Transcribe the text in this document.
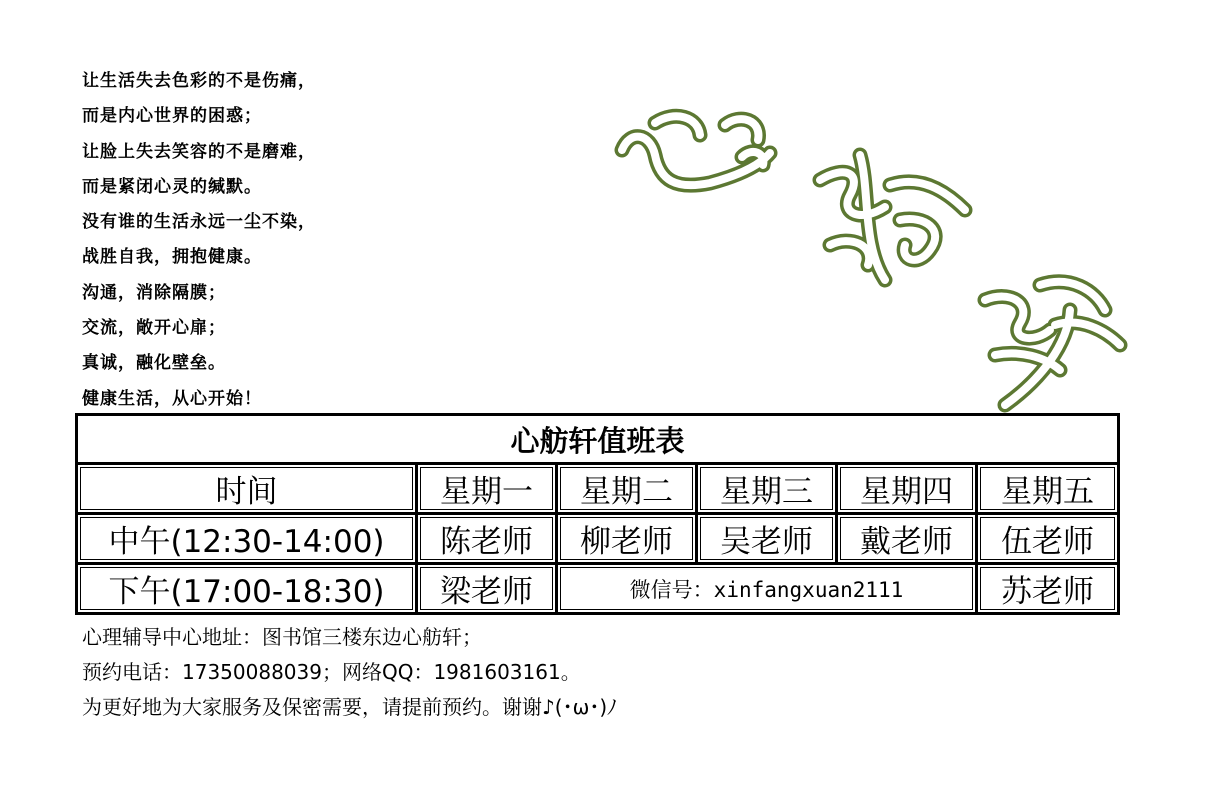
让生活失去色彩的不是伤痛，
而是内心世界的困惑；
让脸上失去笑容的不是磨难，
而是紧闭心灵的缄默。
没有谁的生活永远一尘不染，
战胜自我，拥抱健康。
沟通，消除隔膜；
交流，敞开心扉；
真诚，融化壁垒。
健康生活，从心开始！
心舫轩值班表					
时间	星期一	星期二	星期三	星期四	星期五
中午(12:30-14:00)	陈老师	柳老师	吴老师	戴老师	伍老师
下午(17:00-18:30)	梁老师	微信号：xinfangxuan2111			苏老师
心理辅导中心地址：图书馆三楼东边心舫轩；
预约电话：17350088039；网络QQ：1981603161。
为更好地为大家服务及保密需要，请提前预约。谢谢♪(･ω･)ﾉ
